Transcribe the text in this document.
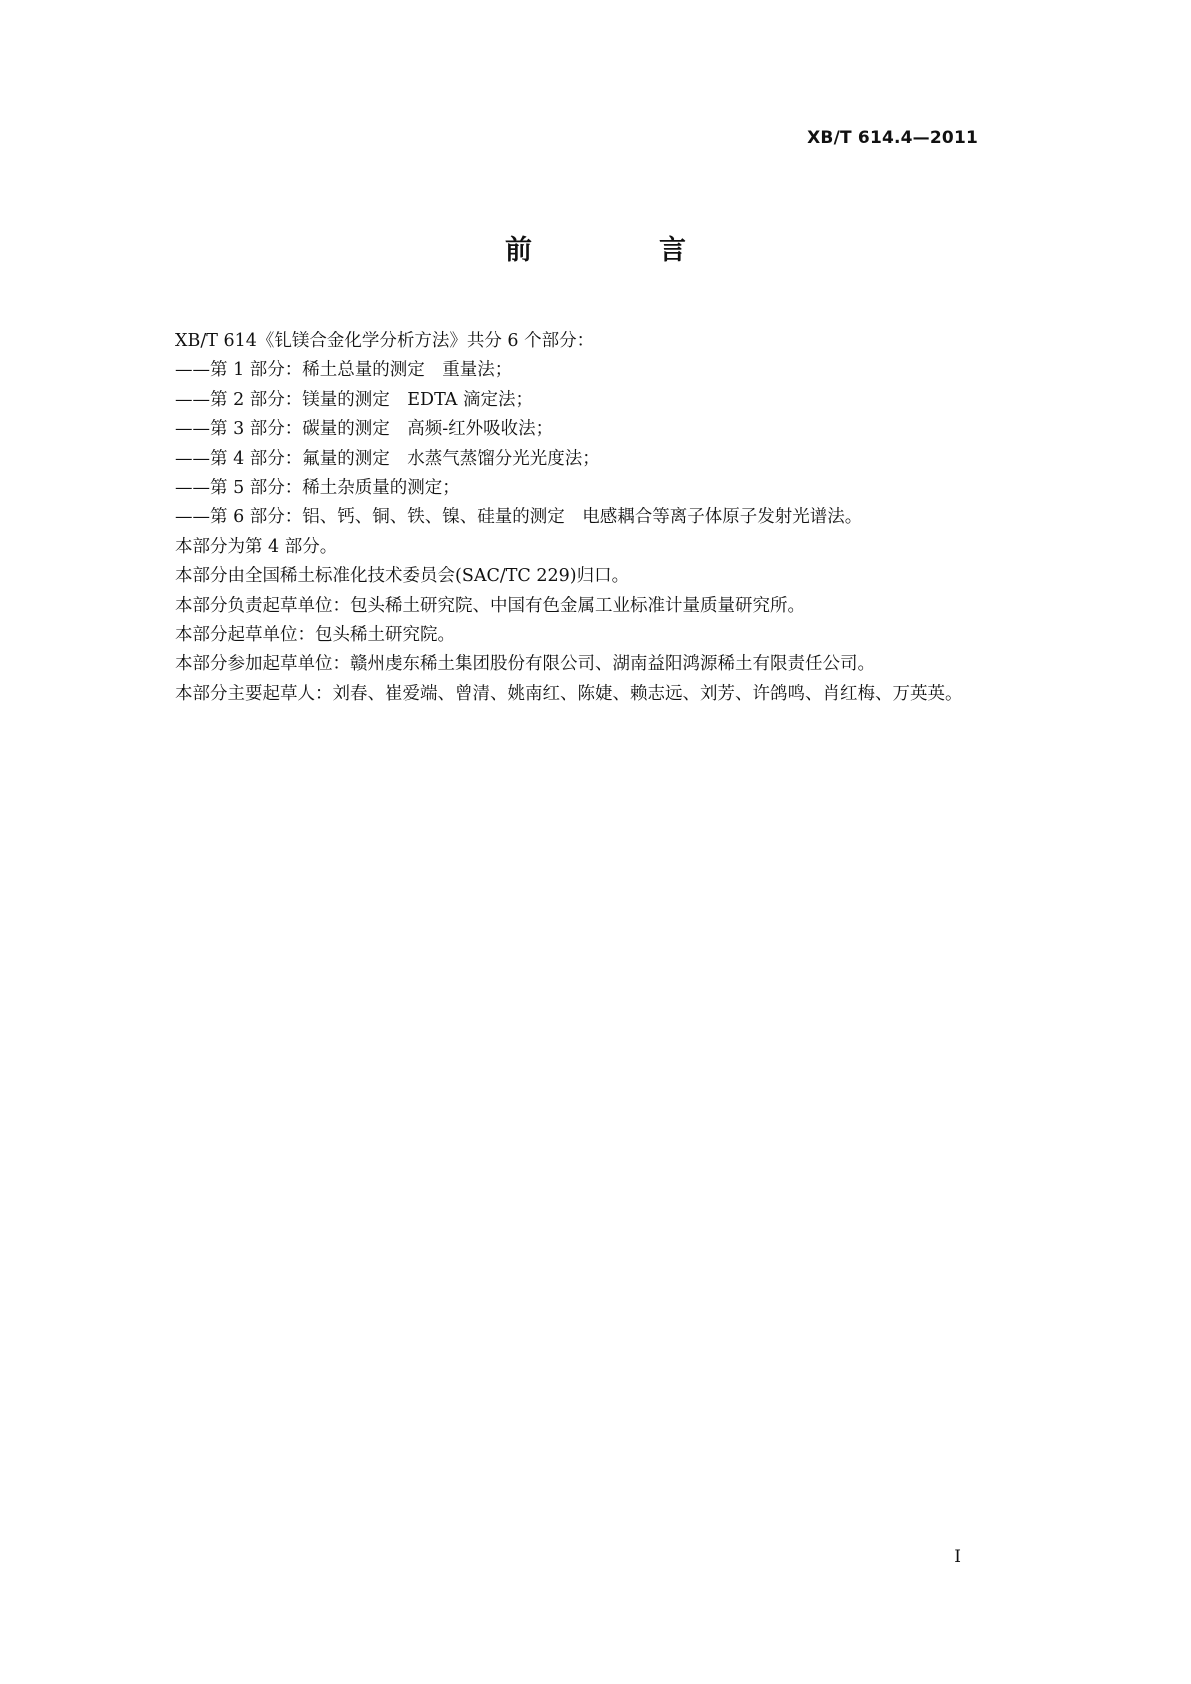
XB/T 614.4—2011
前　言

XB/T 614《钆镁合金化学分析方法》共分 6 个部分：

——第 1 部分：稀土总量的测定　重量法；

——第 2 部分：镁量的测定　EDTA 滴定法；

——第 3 部分：碳量的测定　高频-红外吸收法；

——第 4 部分：氟量的测定　水蒸气蒸馏分光光度法；

——第 5 部分：稀土杂质量的测定；

——第 6 部分：铝、钙、铜、铁、镍、硅量的测定　电感耦合等离子体原子发射光谱法。

本部分为第 4 部分。

本部分由全国稀土标准化技术委员会(SAC/TC 229)归口。

本部分负责起草单位：包头稀土研究院、中国有色金属工业标准计量质量研究所。

本部分起草单位：包头稀土研究院。

本部分参加起草单位：赣州虔东稀土集团股份有限公司、湖南益阳鸿源稀土有限责任公司。

本部分主要起草人：刘春、崔爱端、曾清、姚南红、陈婕、赖志远、刘芳、许鸽鸣、肖红梅、万英英。

I
